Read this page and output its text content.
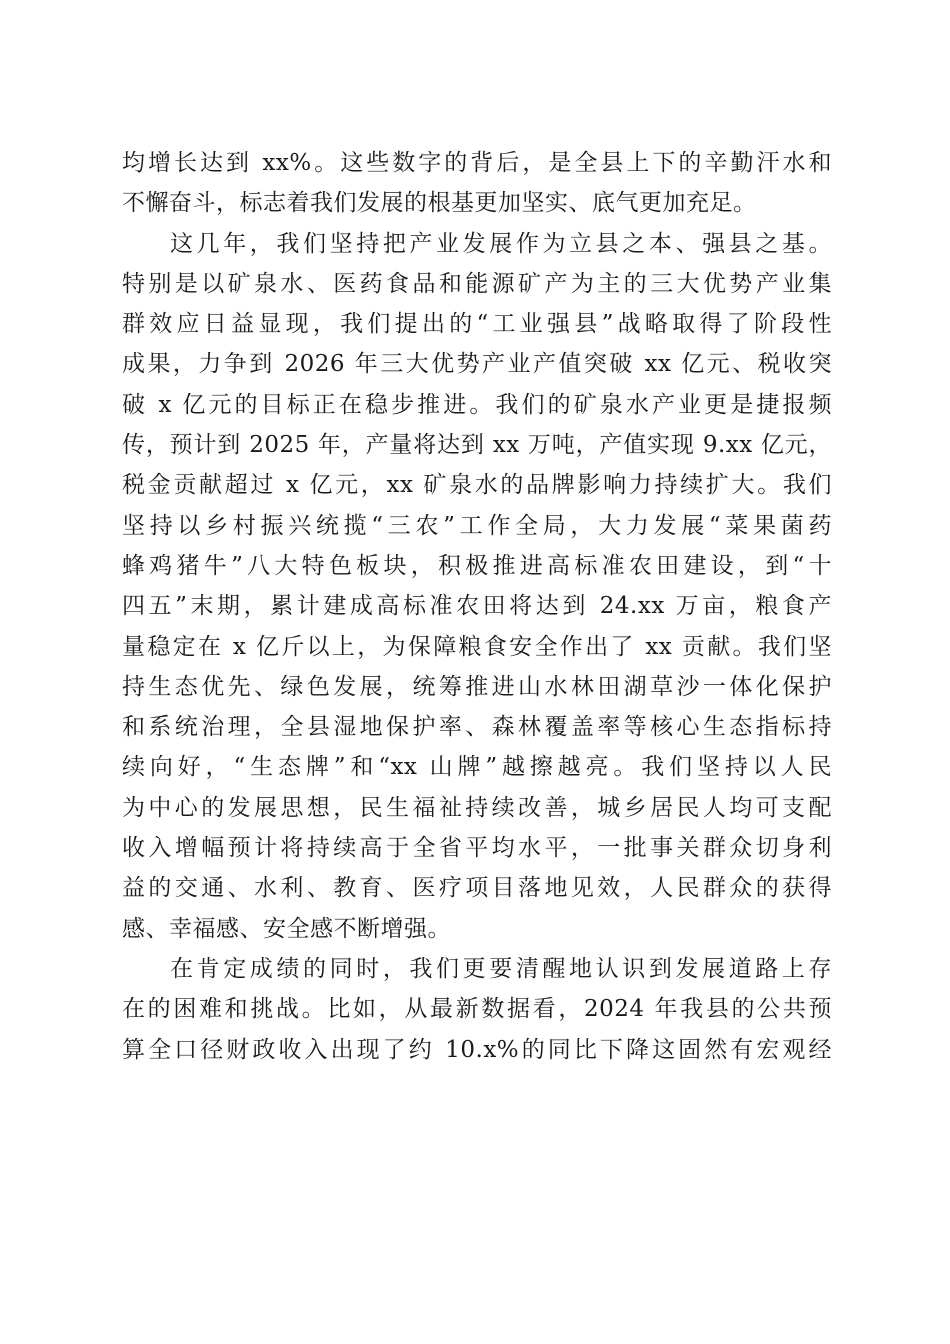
均增长达到 xx%。这些数字的背后，是全县上下的辛勤汗水和
不懈奋斗，标志着我们发展的根基更加坚实、底气更加充足。
这几年，我们坚持把产业发展作为立县之本、强县之基。
特别是以矿泉水、医药食品和能源矿产为主的三大优势产业集
群效应日益显现，我们提出的“工业强县”战略取得了阶段性
成果，力争到 2026 年三大优势产业产值突破 xx 亿元、税收突
破 x 亿元的目标正在稳步推进。我们的矿泉水产业更是捷报频
传，预计到 2025 年，产量将达到 xx 万吨，产值实现 9.xx 亿元，
税金贡献超过 x 亿元，xx 矿泉水的品牌影响力持续扩大。我们
坚持以乡村振兴统揽“三农”工作全局，大力发展“菜果菌药
蜂鸡猪牛”八大特色板块，积极推进高标准农田建设，到“十
四五”末期，累计建成高标准农田将达到 24.xx 万亩，粮食产
量稳定在 x 亿斤以上，为保障粮食安全作出了 xx 贡献。我们坚
持生态优先、绿色发展，统筹推进山水林田湖草沙一体化保护
和系统治理，全县湿地保护率、森林覆盖率等核心生态指标持
续向好，“生态牌”和“xx 山牌”越擦越亮。我们坚持以人民
为中心的发展思想，民生福祉持续改善，城乡居民人均可支配
收入增幅预计将持续高于全省平均水平，一批事关群众切身利
益的交通、水利、教育、医疗项目落地见效，人民群众的获得
感、幸福感、安全感不断增强。
在肯定成绩的同时，我们更要清醒地认识到发展道路上存
在的困难和挑战。比如，从最新数据看，2024 年我县的公共预
算全口径财政收入出现了约 10.x%的同比下降这固然有宏观经
